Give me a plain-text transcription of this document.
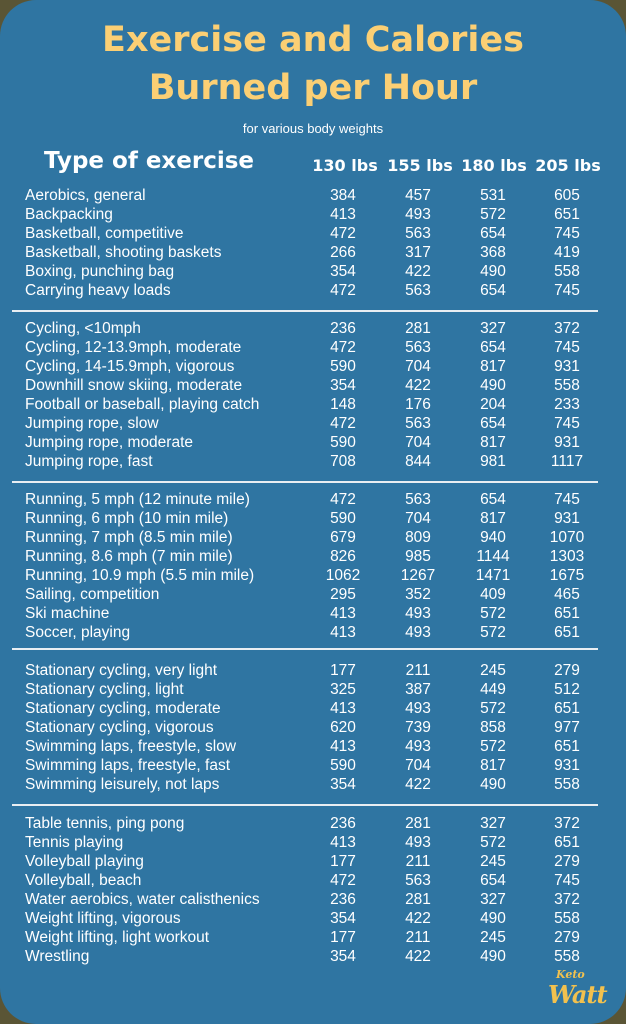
Exercise and Calories
Burned per Hour
for various body weights
Type of exercise	130 lbs 155 lbs 180 lbs 205 lbs
Aerobics, general	384	457	531	605
Backpacking	413	493	572	651
Basketball, competitive	472	563	654	745
Basketball, shooting baskets	266	317	368	419
Boxing, punching bag	354	422	490	558
Carrying heavy loads	472	563	654	745
Cycling, <10mph	236	281	327	372
Cycling, 12-13.9mph, moderate	472	563	654	745
Cycling, 14-15.9mph, vigorous	590	704	817	931
Downhill snow skiing, moderate	354	422	490	558
Football or baseball, playing catch	148	176	204	233
Jumping rope, slow	472	563	654	745
Jumping rope, moderate	590	704	817	931
Jumping rope, fast	708	844	981	1117
Running, 5 mph (12 minute mile)	472	563	654	745
Running, 6 mph (10 min mile)	590	704	817	931
Running, 7 mph (8.5 min mile)	679	809	940	1070
Running, 8.6 mph (7 min mile)	826	985	1144	1303
Running, 10.9 mph (5.5 min mile)	1062	1267	1471	1675
Sailing, competition	295	352	409	465
Ski machine	413	493	572	651
Soccer, playing	413	493	572	651
Stationary cycling, very light	177	211	245	279
Stationary cycling, light	325	387	449	512
Stationary cycling, moderate	413	493	572	651
Stationary cycling, vigorous	620	739	858	977
Swimming laps, freestyle, slow	413	493	572	651
Swimming laps, freestyle, fast	590	704	817	931
Swimming leisurely, not laps	354	422	490	558
Table tennis, ping pong	236	281	327	372
Tennis playing	413	493	572	651
Volleyball playing	177	211	245	279
Volleyball, beach	472	563	654	745
Water aerobics, water calisthenics	236	281	327	372
Weight lifting, vigorous	354	422	490	558
Weight lifting, light workout	177	211	245	279
Wrestling	354	422	490	558
Keto
Watt
